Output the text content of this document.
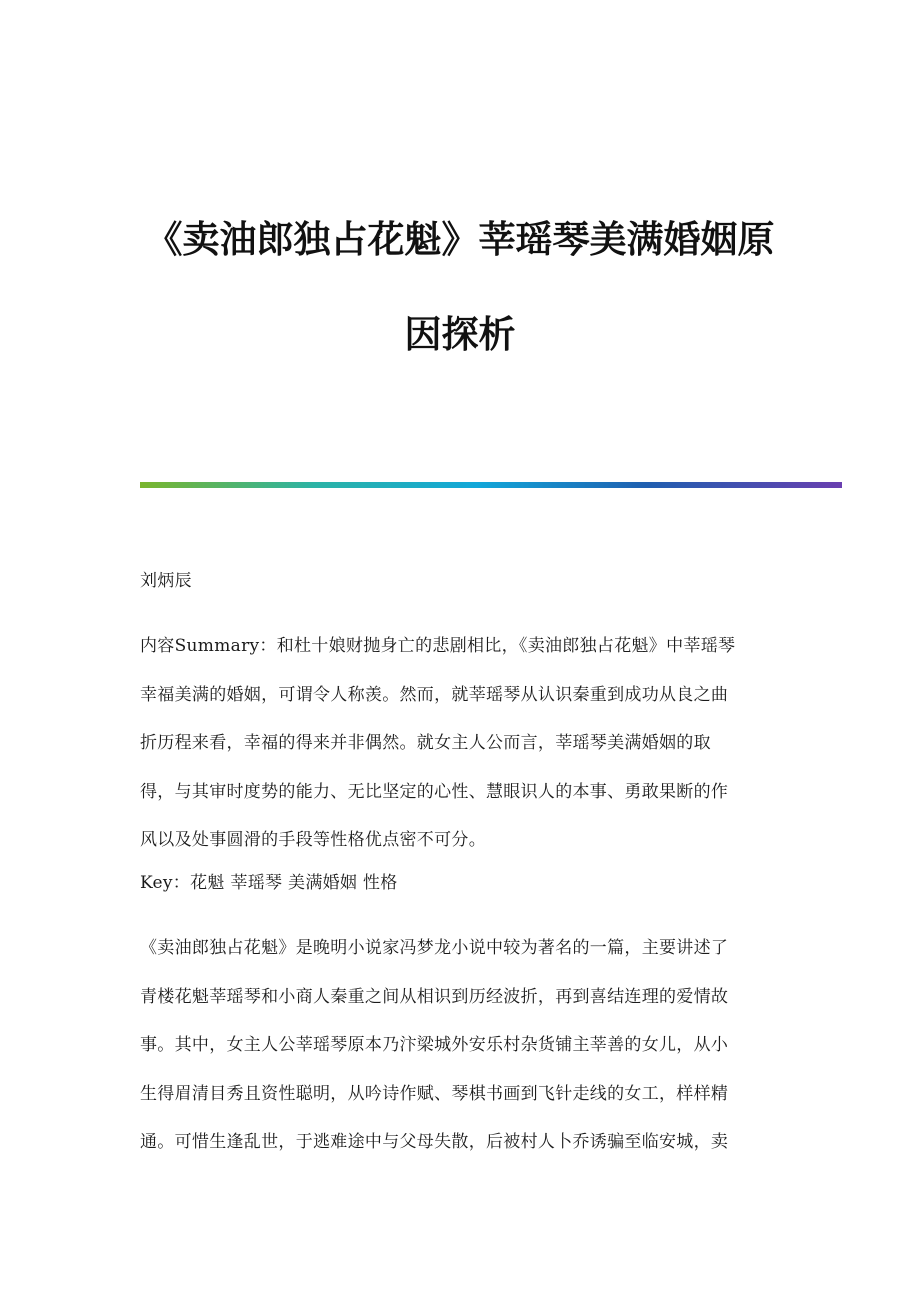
《卖油郎独占花魁》莘瑶琴美满婚姻原
因探析
刘炳辰
内容Summary：和杜十娘财抛身亡的悲剧相比，《卖油郎独占花魁》中莘瑶琴
幸福美满的婚姻，可谓令人称羡。然而，就莘瑶琴从认识秦重到成功从良之曲
折历程来看，幸福的得来并非偶然。就女主人公而言，莘瑶琴美满婚姻的取
得，与其审时度势的能力、无比坚定的心性、慧眼识人的本事、勇敢果断的作
风以及处事圆滑的手段等性格优点密不可分。
Key：花魁 莘瑶琴 美满婚姻 性格
《卖油郎独占花魁》是晚明小说家冯梦龙小说中较为著名的一篇，主要讲述了
青楼花魁莘瑶琴和小商人秦重之间从相识到历经波折，再到喜结连理的爱情故
事。其中，女主人公莘瑶琴原本乃汴梁城外安乐村杂货铺主莘善的女儿，从小
生得眉清目秀且资性聪明，从吟诗作赋、琴棋书画到飞针走线的女工，样样精
通。可惜生逢乱世，于逃难途中与父母失散，后被村人卜乔诱骗至临安城，卖
